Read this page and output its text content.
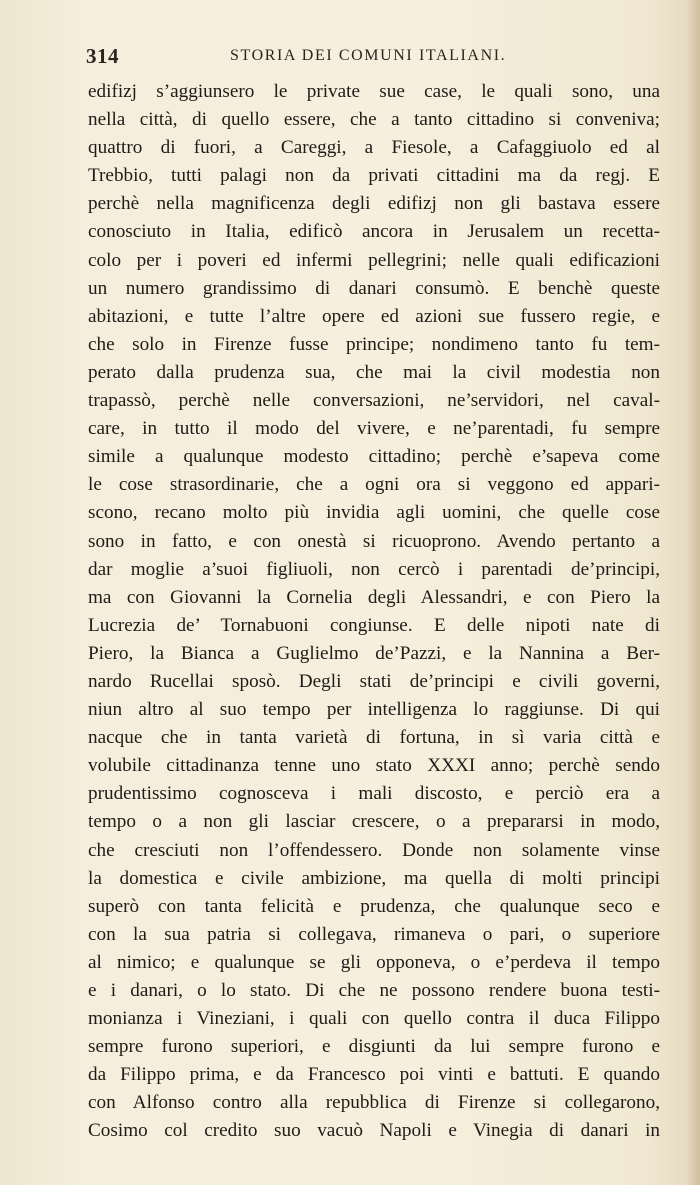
314	STORIA DEI COMUNI ITALIANI.
edifizj s’aggiunsero le private sue case, le quali sono, una
nella città, di quello essere, che a tanto cittadino si conveniva;
quattro di fuori, a Careggi, a Fiesole, a Cafaggiuolo ed al
Trebbio, tutti palagi non da privati cittadini ma da regj. E
perchè nella magnificenza degli edifizj non gli bastava essere
conosciuto in Italia, edificò ancora in Jerusalem un recetta-
colo per i poveri ed infermi pellegrini; nelle quali edificazioni
un numero grandissimo di danari consumò. E benchè queste
abitazioni, e tutte l’altre opere ed azioni sue fussero regie, e
che solo in Firenze fusse principe; nondimeno tanto fu tem-
perato dalla prudenza sua, che mai la civil modestia non
trapassò, perchè nelle conversazioni, ne’servidori, nel caval-
care, in tutto il modo del vivere, e ne’parentadi, fu sempre
simile a qualunque modesto cittadino; perchè e’sapeva come
le cose strasordinarie, che a ogni ora si veggono ed appari-
scono, recano molto più invidia agli uomini, che quelle cose
sono in fatto, e con onestà si ricuoprono. Avendo pertanto a
dar moglie a’suoi figliuoli, non cercò i parentadi de’principi,
ma con Giovanni la Cornelia degli Alessandri, e con Piero la
Lucrezia de’ Tornabuoni congiunse. E delle nipoti nate di
Piero, la Bianca a Guglielmo de’Pazzi, e la Nannina a Ber-
nardo Rucellai sposò. Degli stati de’principi e civili governi,
niun altro al suo tempo per intelligenza lo raggiunse. Di qui
nacque che in tanta varietà di fortuna, in sì varia città e
volubile cittadinanza tenne uno stato XXXI anno; perchè sendo
prudentissimo cognosceva i mali discosto, e perciò era a
tempo o a non gli lasciar crescere, o a prepararsi in modo,
che cresciuti non l’offendessero. Donde non solamente vinse
la domestica e civile ambizione, ma quella di molti principi
superò con tanta felicità e prudenza, che qualunque seco e
con la sua patria si collegava, rimaneva o pari, o superiore
al nimico; e qualunque se gli opponeva, o e’perdeva il tempo
e i danari, o lo stato. Di che ne possono rendere buona testi-
monianza i Vineziani, i quali con quello contra il duca Filippo
sempre furono superiori, e disgiunti da lui sempre furono e
da Filippo prima, e da Francesco poi vinti e battuti. E quando
con Alfonso contro alla repubblica di Firenze si collegarono,
Cosimo col credito suo vacuò Napoli e Vinegia di danari in
